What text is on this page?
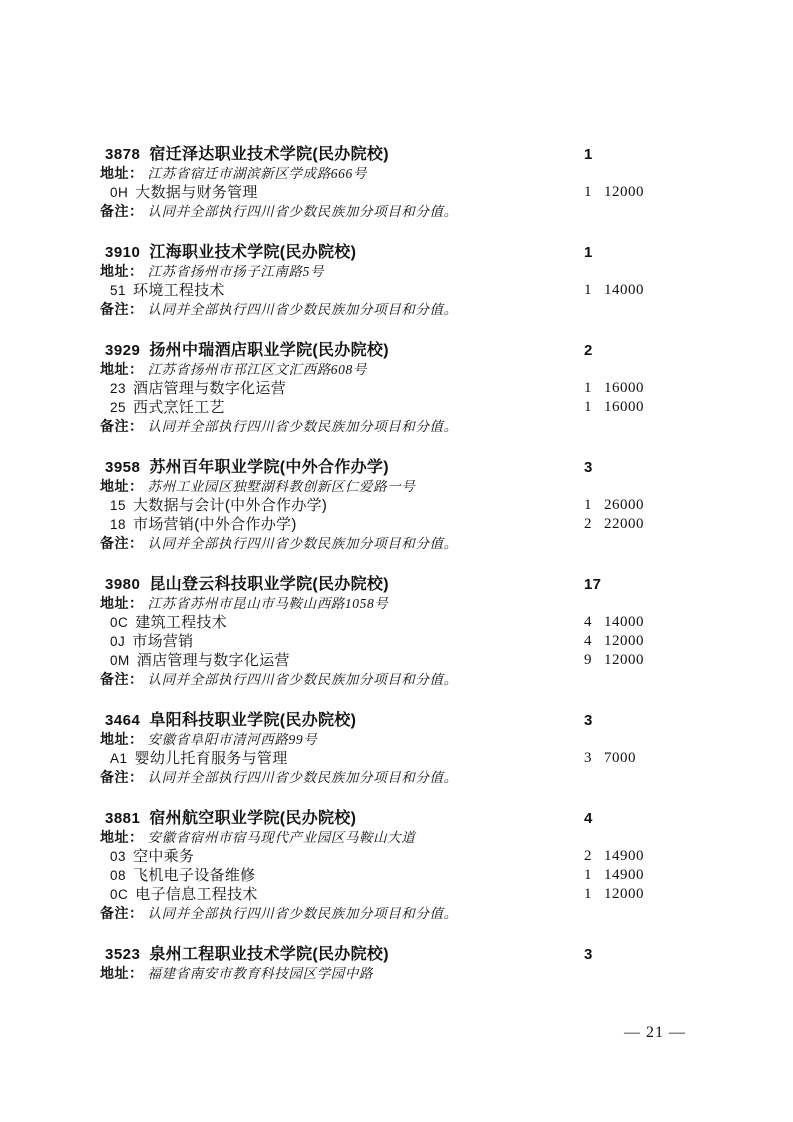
3878 宿迁泽达职业技术学院(民办院校)	1
地址： 江苏省宿迁市湖滨新区学成路666号
0H 大数据与财务管理	1 12000
备注： 认同并全部执行四川省少数民族加分项目和分值。
3910 江海职业技术学院(民办院校)	1
地址： 江苏省扬州市扬子江南路5号
51 环境工程技术	1 14000
备注： 认同并全部执行四川省少数民族加分项目和分值。
3929 扬州中瑞酒店职业学院(民办院校)	2
地址： 江苏省扬州市邗江区文汇西路608号
23 酒店管理与数字化运营	1 16000
25 西式烹饪工艺	1 16000
备注： 认同并全部执行四川省少数民族加分项目和分值。
3958 苏州百年职业学院(中外合作办学)	3
地址： 苏州工业园区独墅湖科教创新区仁爱路一号
15 大数据与会计(中外合作办学)	1 26000
18 市场营销(中外合作办学)	2 22000
备注： 认同并全部执行四川省少数民族加分项目和分值。
3980 昆山登云科技职业学院(民办院校)	17
地址： 江苏省苏州市昆山市马鞍山西路1058号
0C 建筑工程技术	4 14000
0J 市场营销	4 12000
0M 酒店管理与数字化运营	9 12000
备注： 认同并全部执行四川省少数民族加分项目和分值。
3464 阜阳科技职业学院(民办院校)	3
地址： 安徽省阜阳市清河西路99号
A1 婴幼儿托育服务与管理	3 7000
备注： 认同并全部执行四川省少数民族加分项目和分值。
3881 宿州航空职业学院(民办院校)	4
地址： 安徽省宿州市宿马现代产业园区马鞍山大道
03 空中乘务	2 14900
08 飞机电子设备维修	1 14900
0C 电子信息工程技术	1 12000
备注： 认同并全部执行四川省少数民族加分项目和分值。
3523 泉州工程职业技术学院(民办院校)	3
地址： 福建省南安市教育科技园区学园中路
— 21 —
